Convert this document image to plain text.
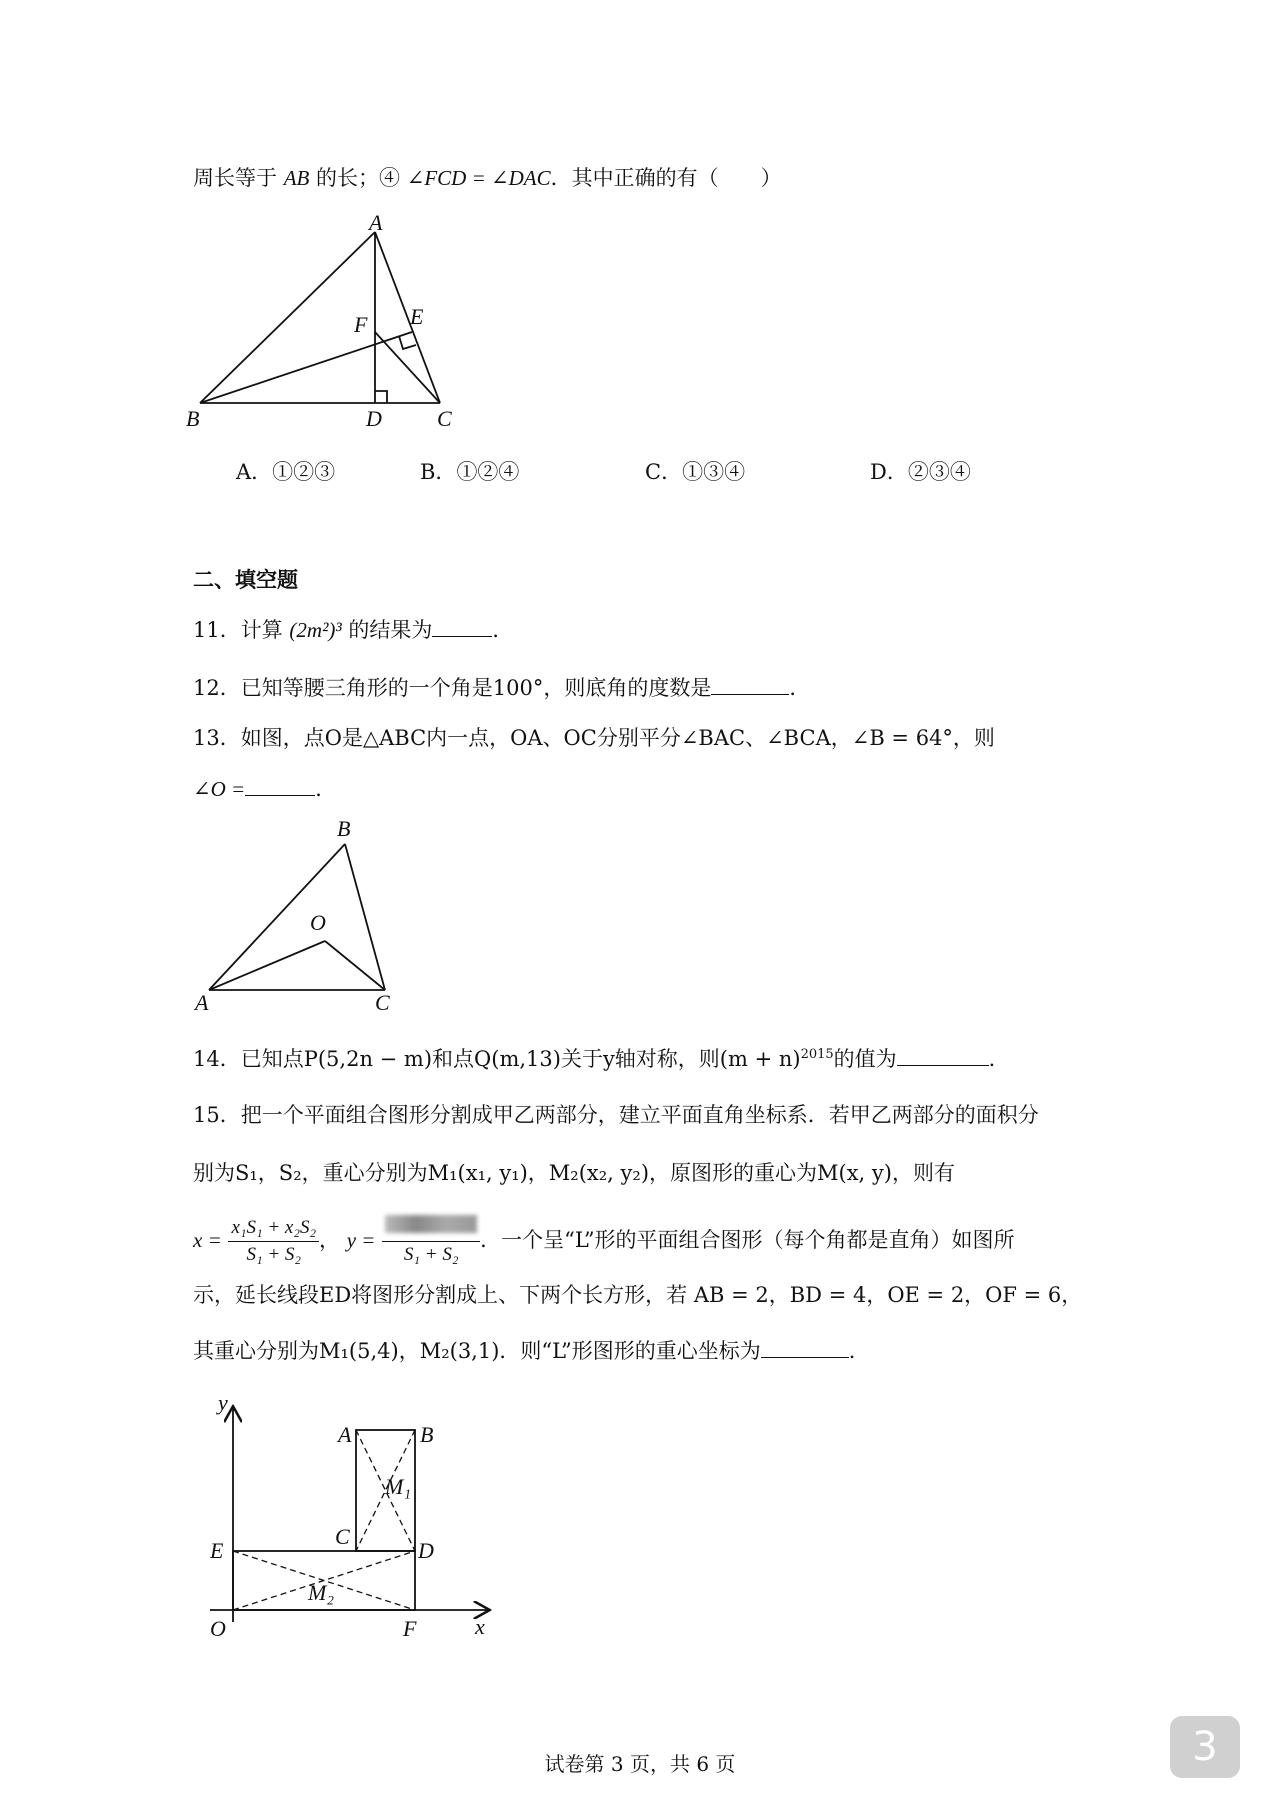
周长等于 AB 的长；④ ∠FCD = ∠DAC．其中正确的有（　　）
A
B	C
D
E
F
A．①②③	B．①②④	C．①③④	D．②③④
二、填空题
11．计算 (2m²)³ 的结果为	．
12．已知等腰三角形的一个角是100°，则底角的度数是	．
13．如图，点O是△ABC内一点，OA、OC分别平分∠BAC、∠BCA，∠B = 64°，则
∠O =	．
B
A	C
O
14．已知点P(5,2n − m)和点Q(m,13)关于y轴对称，则$(m + n)^{2015}$的值为	．
15．把一个平面组合图形分割成甲乙两部分，建立平面直角坐标系．若甲乙两部分的面积分
别为S₁，S₂，重心分别为M₁(x₁, y₁)，M₂(x₂, y₂)，原图形的重心为M(x, y)，则有
$x = \frac{\text{x₁S₁ + x₂S₂}}{\text{S₁ + S₂}}$ ， y =
S₁ + S₂
．一个呈“L”形的平面组合图形（每个角都是直角）如图所
示，延长线段ED将图形分割成上、下两个长方形，若 AB = 2，BD = 4，OE = 2，OF = 6，
其重心分别为M₁(5,4)，M₂(3,1)．则“L”形图形的重心坐标为	．
y
x
O
A	B
C
D
E
F
M₁
M₂
3
试卷第 3 页，共 6 页
